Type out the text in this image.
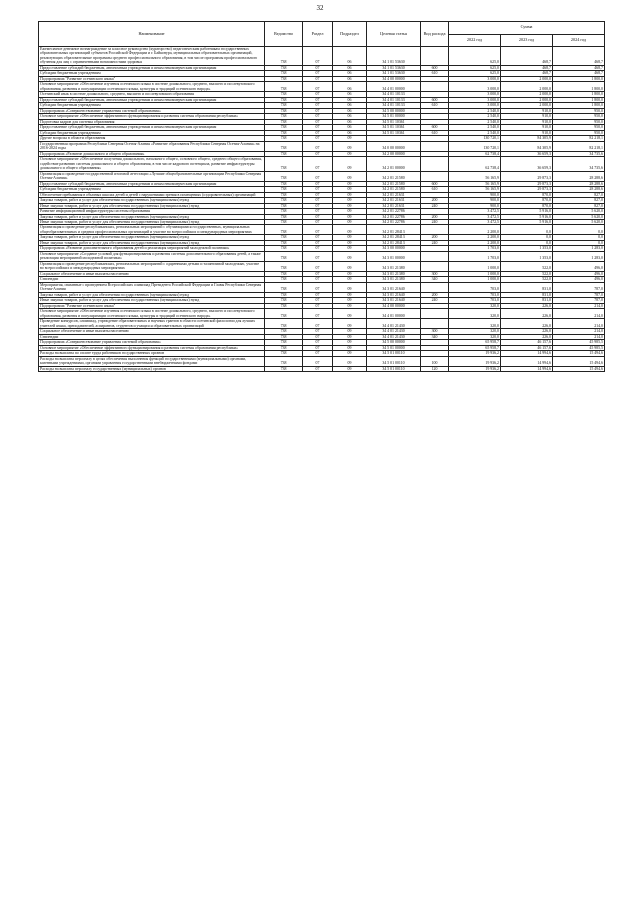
32
Наименование	Ведомство	Раздел	Подраздел	Целевая статья	Вид расхода	Сумма		
						2022 год	2023 год	2024 год
Ежемесячное денежное вознаграждение за классное руководство (кураторство) педагогическим работникам государственных образовательных организаций субъектов Российской Федерации и г. Байконура, муниципальных образовательных организаций, реализующих образовательные программы среднего профессионального образования, в том числе программы профессионального обучения для лиц с ограниченными возможностями здоровья	738	07	06	34 1 01 53630		625,0	468,7	468,7
Предоставление субсидий бюджетным, автономным учреждениям и иным некоммерческим организациям	738	07	06	34 1 01 53630	600	625,0	468,7	468,7
Субсидии бюджетным учреждениям	738	07	06	34 1 01 53630	610	625,0	468,7	468,7
Подпрограмма "Развитие осетинского языка"	738	07	06	34 4 00 00000		3 000,0	2 000,0	1 800,0
Основное мероприятие «Обеспечение изучения осетинского языка в системе дошкольного, среднего, высшего и послевузовского образования, развития и популяризации осетинского языка, культуры и традиций осетинского народа»	738	07	06	34 4 01 00000		3 000,0	2 000,0	1 800,0
Осетинский язык в системе дошкольного, среднего, высшего и послевузовского образования	738	07	06	34 4 01 10133		3 000,0	2 000,0	1 800,0
Предоставление субсидий бюджетным, автономным учреждениям и иным некоммерческим организациям	738	07	06	34 4 01 10133	600	3 000,0	2 000,0	1 800,0
Субсидии бюджетным учреждениям	738	07	06	34 4 01 10133	610	3 000,0	2 000,0	1 800,0
Подпрограмма «Совершенствование управления системой образования»	738	07	06	34 5 00 00000		2 540,0	910,0	950,0
Основное мероприятие «Обеспечение эффективного функционирования и развития системы образования республики»	738	07	06	34 5 01 00000		2 540,0	910,0	950,0
Подготовка кадров для системы образования	738	07	06	34 5 01 10361		2 540,0	910,0	950,0
Предоставление субсидий бюджетным, автономным учреждениям и иным некоммерческим организациям	738	07	06	34 5 01 10361	600	2 540,0	910,0	950,0
Субсидии бюджетным учреждениям	738	07	06	34 5 01 10361	610	2 540,0	910,0	950,0
Другие вопросы в области образования	738	07	09			130 720,1	84 305,9	82 218,1
Государственная программа Республики Северная Осетия-Алания «Развитие образования Республики Северная Осетия-Алания» на 2016-2024 годы	738	07	09	34 0 00 00000		130 720,1	84 305,9	82 218,1
Подпрограмма «Развитие дошкольного и общего образования»	738	07	09	34 2 00 00000		62 738,4	36 659,3	34 735,6
Основное мероприятие «Обеспечение получения дошкольного, начального общего, основного общего, среднего общего образования, содействие развитию системы дошкольного и общего образования, в том числе кадрового потенциала, развитие инфраструктуры дошкольного и общего образования»	738	07	09	34 2 01 00000		62 738,4	36 659,3	34 735,6
Организация и проведение государственной итоговой аттестации «Лучшие общеобразовательные организации Республики Северная Осетия-Алания»	738	07	09	34 2 01 21580		56 165,9	29 873,3	28 288,6
Предоставление субсидий бюджетным, автономным учреждениям и иным некоммерческим организациям	738	07	09	34 2 01 21580	600	56 165,9	29 873,3	28 288,6
Субсидии бюджетным учреждениям	738	07	09	34 2 01 21580	610	56 165,9	29 873,3	28 288,6
Обеспечение пребывания в обычных школах детей и детей с нарушениями зрения в помещениях (оздоровительных) организаций	738	07	09	34 2 01 21631		900,0	870,0	827,0
Закупка товаров, работ и услуг для обеспечения государственных (муниципальных) нужд	738	07	09	34 2 01 21631	200	900,0	870,0	827,0
Иные закупки товаров, работ и услуг для обеспечения государственных (муниципальных) нужд	738	07	09	34 2 01 21631	240	900,0	870,0	827,0
Развитие информационной инфраструктуры системы образования	738	07	09	34 2 01 22786		3 472,5	5 916,0	5 620,0
Закупка товаров, работ и услуг для обеспечения государственных (муниципальных) нужд	738	07	09	34 2 01 22786	200	3 472,5	5 916,0	5 620,0
Иные закупки товаров, работ и услуг для обеспечения государственных (муниципальных) нужд	738	07	09	34 2 01 22786	240	3 472,5	5 916,0	5 620,0
Организация и проведение республиканских, региональных мероприятий с обучающимися государственных, муниципальных общеобразовательных и средних профессиональных организаций и участие во всероссийских и международных мероприятиях	738	07	09	34 2 01 28413		2 200,0	0,0	0,0
Закупка товаров, работ и услуг для обеспечения государственных (муниципальных) нужд	738	07	09	34 2 01 28413	200	2 200,0	0,0	0,0
Иные закупки товаров, работ и услуг для обеспечения государственных (муниципальных) нужд	738	07	09	34 2 01 28413	240	2 200,0	0,0	0,0
Подпрограмма «Развитие дополнительного образования детей и реализация мероприятий молодежной политики»	738	07	09	34 3 00 00000		1 703,0	1 353,0	1 283,0
Основное мероприятие «Создание условий для функционирования и развития системы дополнительного образования детей, а также реализация мероприятий молодежной политики»	738	07	09	34 3 01 00000		1 703,0	1 353,0	1 283,0
Организация и проведение республиканских, региональных мероприятий с одаренными детьми и талантливой молодежью, участие во всероссийских и международных мероприятиях	738	07	09	34 3 01 21380		1 000,0	522,0	496,0
Социальное обеспечение и иные выплаты населению	738	07	09	34 3 01 21380	300	1 000,0	522,0	496,0
Стипендии	738	07	09	34 3 01 21380	340	1 000,0	522,0	496,0
Мероприятия, связанные с проведением Всероссийских олимпиад Президента Российской Федерации и Главы Республики Северная Осетия-Алания	738	07	09	34 3 01 21640		703,0	831,0	787,0
Закупка товаров, работ и услуг для обеспечения государственных (муниципальных) нужд	738	07	09	34 3 01 21640	200	703,0	831,0	787,0
Иные закупки товаров, работ и услуг для обеспечения государственных (муниципальных) нужд	738	07	09	34 3 01 21640	240	703,0	831,0	787,0
Подпрограмма "Развитие осетинского языка"	738	07	09	34 4 00 00000		320,0	226,0	214,0
Основное мероприятие «Обеспечение изучения осетинского языка в системе дошкольного, среднего, высшего и послевузовского образования, развития и популяризации осетинского языка, культуры и традиций осетинского народа»	738	07	09	34 4 01 00000		320,0	226,0	214,0
Проведение конкурсов, олимпиад, учреждение образовательных и научных грантов в области осетинской филологии для лучших учителей языка, преподавателей, аспирантов, студентов и учащихся образовательных организаций	738	07	09	34 4 01 21430		320,0	226,0	214,0
Социальное обеспечение и иные выплаты населению	738	07	09	34 4 01 21430	300	320,0	226,0	214,0
Стипендии	738	07	09	34 4 01 21430	340	320,0	226,0	214,0
Подпрограмма «Совершенствование управления системой образования»	738	07	09	34 5 00 00000		65 958,7	46 157,6	45 985,5
Основное мероприятие «Обеспечение эффективного функционирования и развития системы образования республики»	738	07	09	34 5 01 00000		65 958,7	46 157,6	45 985,5
Расходы на выплаты по оплате труда работников государственных органов	738	07	09	34 5 01 00110		19 936,2	14 994,6	15 494,6
Расходы на выплаты персоналу в целях обеспечения выполнения функций государственными (муниципальными) органами, казенными учреждениями, органами управления государственными внебюджетными фондами	738	07	09	34 5 01 00110	100	19 936,2	14 994,6	15 494,6
Расходы на выплаты персоналу государственных (муниципальных) органов	738	07	09	34 5 01 00110	120	19 936,2	14 994,6	15 494,6
